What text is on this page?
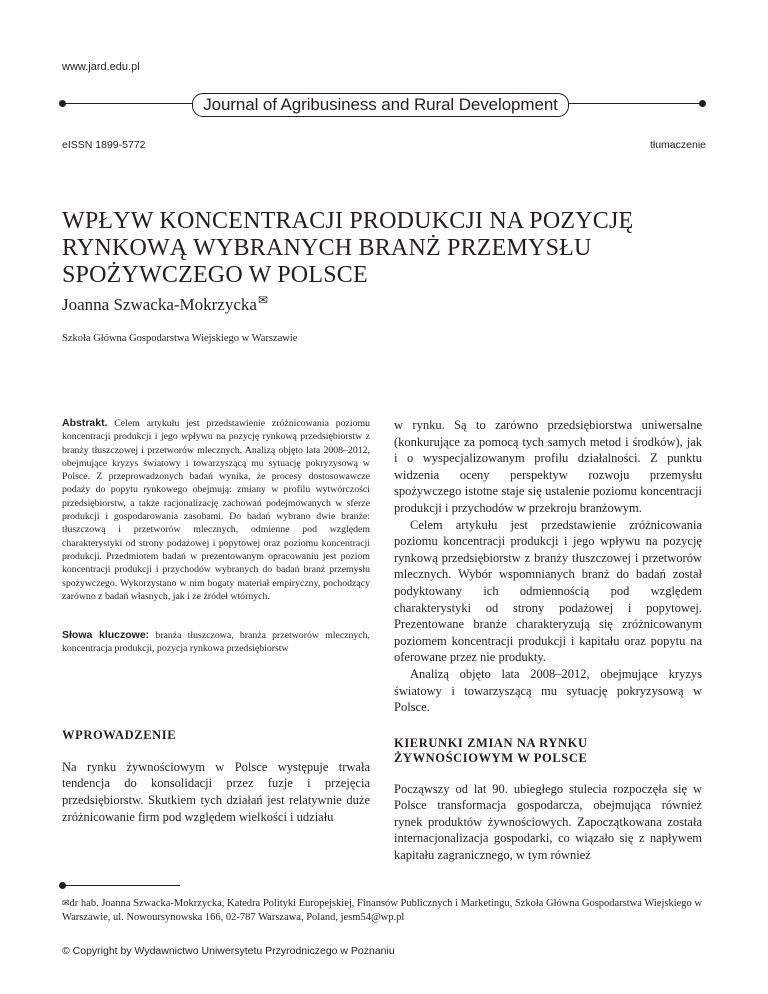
www.jard.edu.pl
Journal of Agribusiness and Rural Development
eISSN 1899-5772	tłumaczenie
WPŁYW KONCENTRACJI PRODUKCJI NA POZYCJĘ
RYNKOWĄ WYBRANYCH BRANŻ PRZEMYSŁU
SPOŻYWCZEGO W POLSCE
Joanna Szwacka-Mokrzycka✉
Szkoła Główna Gospodarstwa Wiejskiego w Warszawie
Abstrakt. Celem artykułu jest przedstawienie zróżnicowania poziomu koncentracji produkcji i jego wpływu na pozycję rynkową przedsiębiorstw z branży tłuszczowej i przetworów mlecznych. Analizą objęto lata 2008–2012, obejmujące kryzys światowy i towarzyszącą mu sytuację pokryzysową w Polsce. Z przeprowadzonych badań wynika, że procesy dostosowawcze podaży do popytu rynkowego obejmują: zmiany w profilu wytwórczości przedsiębiorstw, a także racjonalizację zachowań podejmowanych w sferze produkcji i gospodarowania zasobami. Do badań wybrano dwie branże: tłuszczową i przetworów mlecznych, odmienne pod względem charakterystyki od strony podażowej i popytowej oraz poziomu koncentracji produkcji. Przedmiotem badań w prezentowanym opracowaniu jest poziom koncentracji produkcji i przychodów wybranych do badań branż przemysłu spożywczego. Wykorzystano w nim bogaty materiał empiryczny, pochodzący zarówno z badań własnych, jak i ze źródeł wtórnych.
Słowa kluczowe: branża tłuszczowa, branża przetworów mlecznych, koncentracja produkcji, pozycja rynkowa przedsiębiorstw
WPROWADZENIE

Na rynku żywnościowym w Polsce występuje trwała tendencja do konsolidacji przez fuzje i przejęcia przedsiębiorstw. Skutkiem tych działań jest relatywnie duże zróżnicowanie firm pod względem wielkości i udziału

w rynku. Są to zarówno przedsiębiorstwa uniwersalne (konkurujące za pomocą tych samych metod i środków), jak i o wyspecjalizowanym profilu działalności. Z punktu widzenia oceny perspektyw rozwoju przemysłu spożywczego istotne staje się ustalenie poziomu koncentracji produkcji i przychodów w przekroju branżowym.

Celem artykułu jest przedstawienie zróżnicowania poziomu koncentracji produkcji i jego wpływu na pozycję rynkową przedsiębiorstw z branży tłuszczowej i przetworów mlecznych. Wybór wspomnianych branż do badań został podyktowany ich odmiennością pod względem charakterystyki od strony podażowej i popytowej. Prezentowane branże charakteryzują się zróżnicowanym poziomem koncentracji produkcji i kapitału oraz popytu na oferowane przez nie produkty.

Analizą objęto lata 2008–2012, obejmujące kryzys światowy i towarzyszącą mu sytuację pokryzysową w Polsce.

KIERUNKI ZMIAN NA RYNKU
ŻYWNOŚCIOWYM W POLSCE

Począwszy od lat 90. ubiegłego stulecia rozpoczęła się w Polsce transformacja gospodarcza, obejmująca również rynek produktów żywnościowych. Zapoczątkowana została internacjonalizacja gospodarki, co wiązało się z napływem kapitału zagranicznego, w tym również

✉dr hab. Joanna Szwacka-Mokrzycka, Katedra Polityki Europejskiej, Finansów Publicznych i Marketingu, Szkoła Główna Gospodarstwa Wiejskiego w Warszawie, ul. Nowoursynowska 166, 02-787 Warszawa, Poland, jesm54@wp.pl
© Copyright by Wydawnictwo Uniwersytetu Przyrodniczego w Poznaniu
